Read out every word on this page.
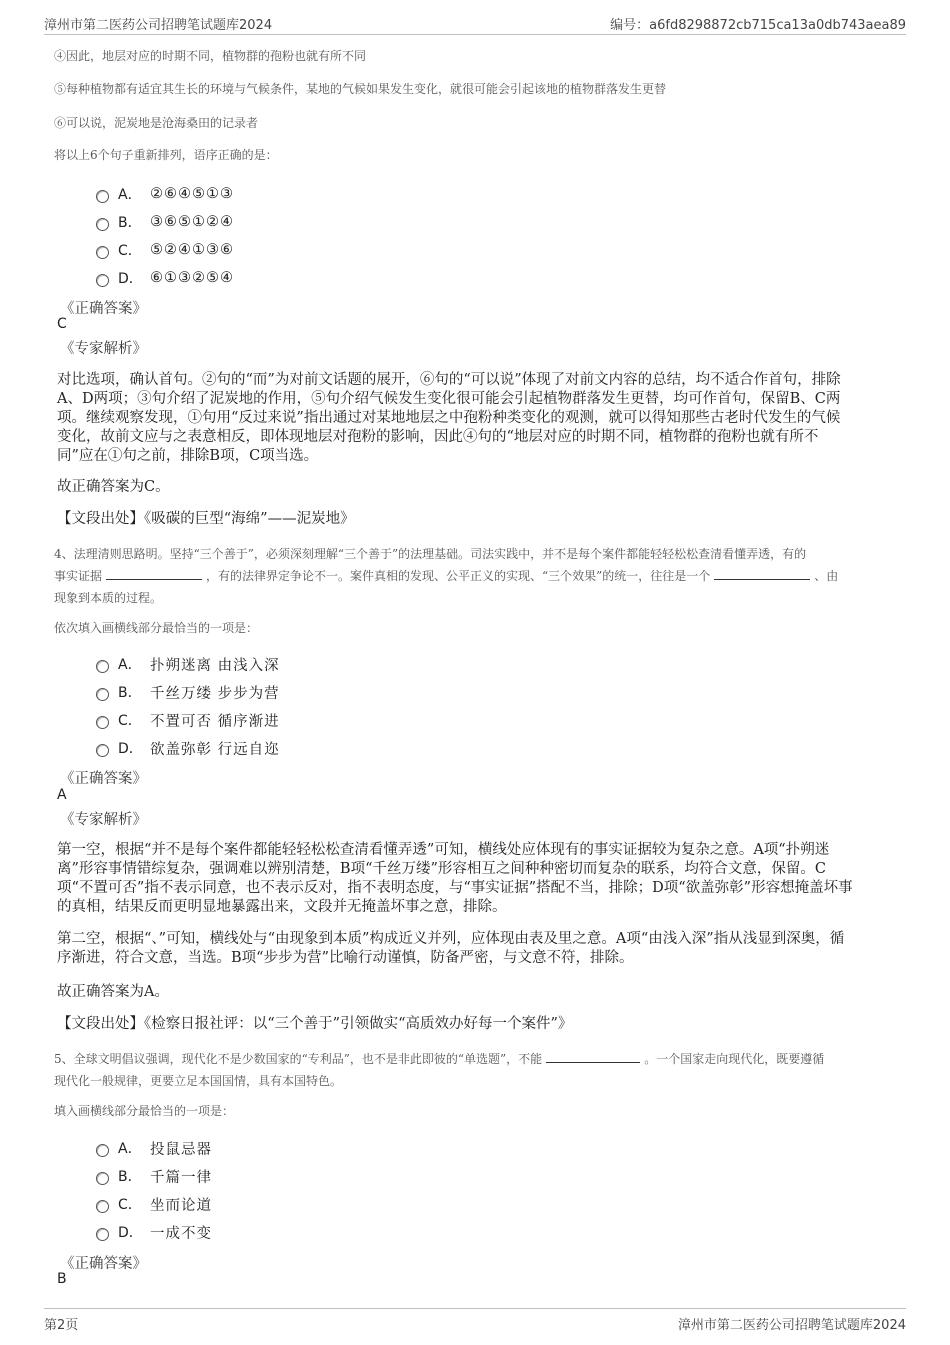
漳州市第二医药公司招聘笔试题库2024	编号：a6fd8298872cb715ca13a0db743aea89
④因此，地层对应的时期不同，植物群的孢粉也就有所不同
⑤每种植物都有适宜其生长的环境与气候条件，某地的气候如果发生变化，就很可能会引起该地的植物群落发生更替
⑥可以说，泥炭地是沧海桑田的记录者
将以上6个句子重新排列，语序正确的是：
A． ②⑥④⑤①③
B． ③⑥⑤①②④
C． ⑤②④①③⑥
D． ⑥①③②⑤④
《正确答案》
C
《专家解析》
对比选项，确认首句。②句的“而”为对前文话题的展开，⑥句的“可以说”体现了对前文内容的总结，均不适合作首句，排除
A、D两项；③句介绍了泥炭地的作用，⑤句介绍气候发生变化很可能会引起植物群落发生更替，均可作首句，保留B、C两
项。继续观察发现，①句用“反过来说”指出通过对某地地层之中孢粉种类变化的观测，就可以得知那些古老时代发生的气候
变化，故前文应与之表意相反，即体现地层对孢粉的影响，因此④句的“地层对应的时期不同，植物群的孢粉也就有所不
同”应在①句之前，排除B项，C项当选。
故正确答案为C。
【文段出处】《吸碳的巨型“海绵”——泥炭地》
4、法理清则思路明。坚持“三个善于”，必须深刻理解“三个善于”的法理基础。司法实践中，并不是每个案件都能轻轻松松查清看懂弄透，有的
事实证据	，有的法律界定争论不一。案件真相的发现、公平正义的实现、“三个效果”的统一，往往是一个	、由
现象到本质的过程。
依次填入画横线部分最恰当的一项是：
A． 扑朔迷离 由浅入深
B． 千丝万缕 步步为营
C． 不置可否 循序渐进
D． 欲盖弥彰 行远自迩
《正确答案》
A
《专家解析》
第一空，根据“并不是每个案件都能轻轻松松查清看懂弄透”可知，横线处应体现有的事实证据较为复杂之意。A项“扑朔迷
离”形容事情错综复杂，强调难以辨别清楚，B项“千丝万缕”形容相互之间种种密切而复杂的联系，均符合文意，保留。C
项“不置可否”指不表示同意，也不表示反对，指不表明态度，与“事实证据”搭配不当，排除；D项“欲盖弥彰”形容想掩盖坏事
的真相，结果反而更明显地暴露出来，文段并无掩盖坏事之意，排除。
第二空，根据“、”可知，横线处与“由现象到本质”构成近义并列，应体现由表及里之意。A项“由浅入深”指从浅显到深奥，循
序渐进，符合文意，当选。B项“步步为营”比喻行动谨慎，防备严密，与文意不符，排除。
故正确答案为A。
【文段出处】《检察日报社评：以“三个善于”引领做实“高质效办好每一个案件”》
5、全球文明倡议强调，现代化不是少数国家的“专利品”，也不是非此即彼的“单选题”，不能	。一个国家走向现代化，既要遵循
现代化一般规律，更要立足本国国情，具有本国特色。
填入画横线部分最恰当的一项是：
A． 投鼠忌器
B． 千篇一律
C． 坐而论道
D． 一成不变
《正确答案》
B
第2页	漳州市第二医药公司招聘笔试题库2024
